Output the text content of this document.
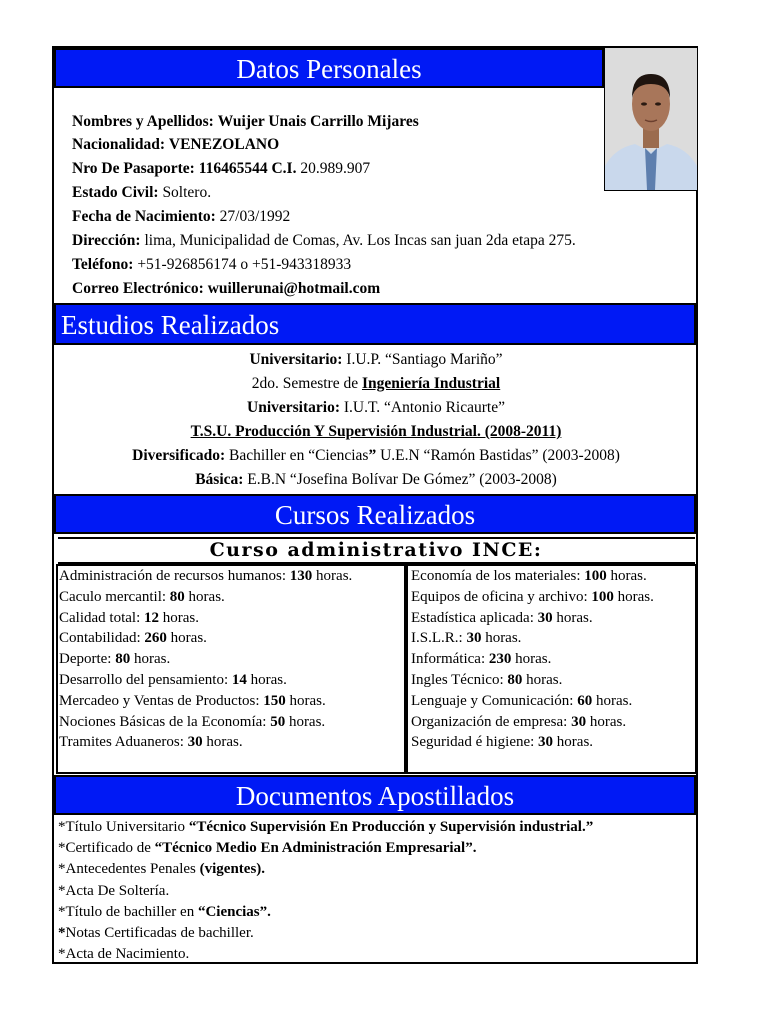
Datos Personales
Nombres y Apellidos: Wuijer Unais Carrillo Mijares
Nacionalidad: VENEZOLANO
Nro De Pasaporte: 116465544 C.I. 20.989.907
Estado Civil: Soltero.
Fecha de Nacimiento: 27/03/1992
Dirección: lima, Municipalidad de Comas, Av. Los Incas san juan 2da etapa 275.
Teléfono: +51-926856174 o +51-943318933
Correo Electrónico: wuillerunai@hotmail.com
Estudios Realizados
Universitario: I.U.P. “Santiago Mariño”
2do. Semestre de Ingeniería Industrial
Universitario: I.U.T. “Antonio Ricaurte”
T.S.U. Producción Y Supervisión Industrial. (2008-2011)
Diversificado: Bachiller en “Ciencias” U.E.N “Ramón Bastidas” (2003-2008)
Básica: E.B.N “Josefina Bolívar De Gómez” (2003-2008)
Cursos Realizados
Curso administrativo INCE:
Administración de recursos humanos: 130 horas.
Caculo mercantil: 80 horas.
Calidad total: 12 horas.
Contabilidad: 260 horas.
Deporte: 80 horas.
Desarrollo del pensamiento: 14 horas.
Mercadeo y Ventas de Productos: 150 horas.
Nociones Básicas de la Economía: 50 horas.
Tramites Aduaneros: 30 horas.
Economía de los materiales: 100 horas.
Equipos de oficina y archivo: 100 horas.
Estadística aplicada: 30 horas.
I.S.L.R.: 30 horas.
Informática: 230 horas.
Ingles Técnico: 80 horas.
Lenguaje y Comunicación: 60 horas.
Organización de empresa: 30 horas.
Seguridad é higiene: 30 horas.
Documentos Apostillados
*Título Universitario “Técnico Supervisión En Producción y Supervisión industrial.”
*Certificado de “Técnico Medio En Administración Empresarial”.
*Antecedentes Penales (vigentes).
*Acta De Soltería.
*Título de bachiller en “Ciencias”.
*Notas Certificadas de bachiller.
*Acta de Nacimiento.
